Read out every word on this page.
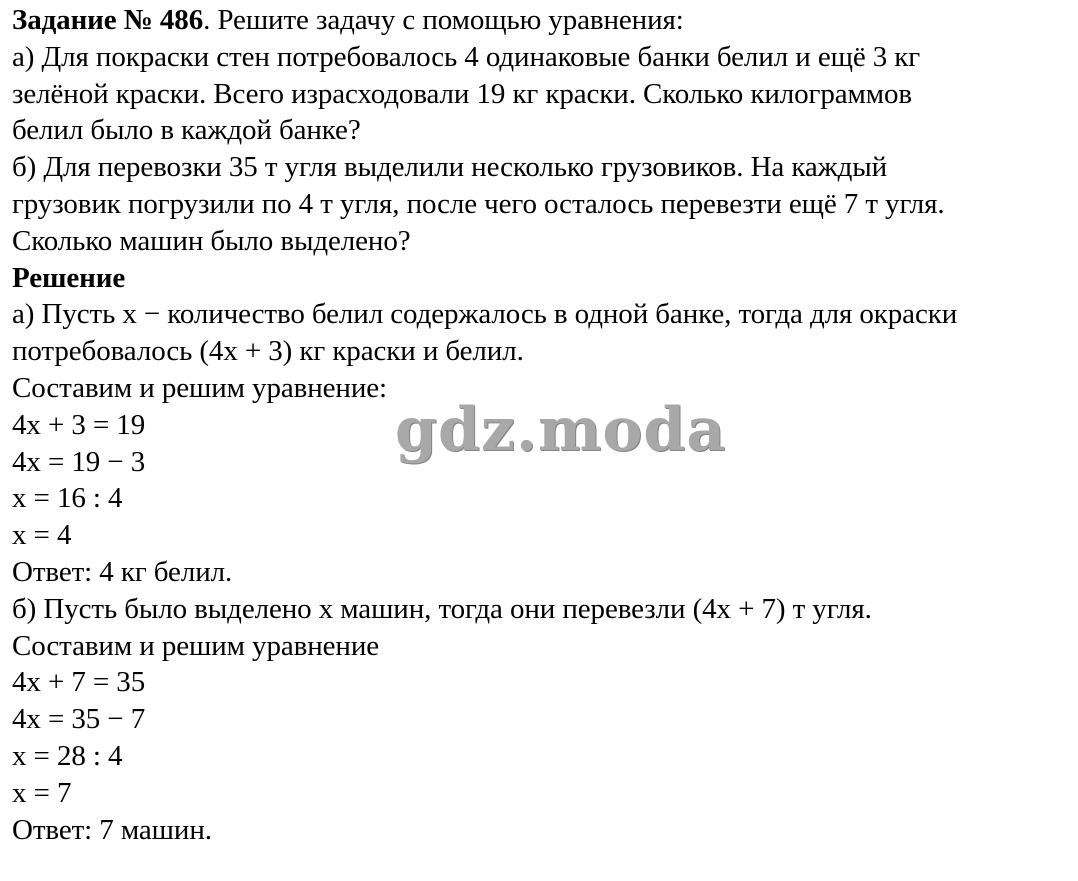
Задание № 486. Решите задачу с помощью уравнения:
а) Для покраски стен потребовалось 4 одинаковые банки белил и ещё 3 кг
зелёной краски. Всего израсходовали 19 кг краски. Сколько килограммов
белил было в каждой банке?
б) Для перевозки 35 т угля выделили несколько грузовиков. На каждый
грузовик погрузили по 4 т угля, после чего осталось перевезти ещё 7 т угля.
Сколько машин было выделено?
Решение
а) Пусть x − количество белил содержалось в одной банке, тогда для окраски
потребовалось (4x + 3) кг краски и белил.
Составим и решим уравнение:
4x + 3 = 19
4x = 19 − 3
x = 16 : 4
x = 4
Ответ: 4 кг белил.
б) Пусть было выделено x машин, тогда они перевезли (4x + 7) т угля.
Составим и решим уравнение
4x + 7 = 35
4x = 35 − 7
x = 28 : 4
x = 7
Ответ: 7 машин.
gdz.moda
